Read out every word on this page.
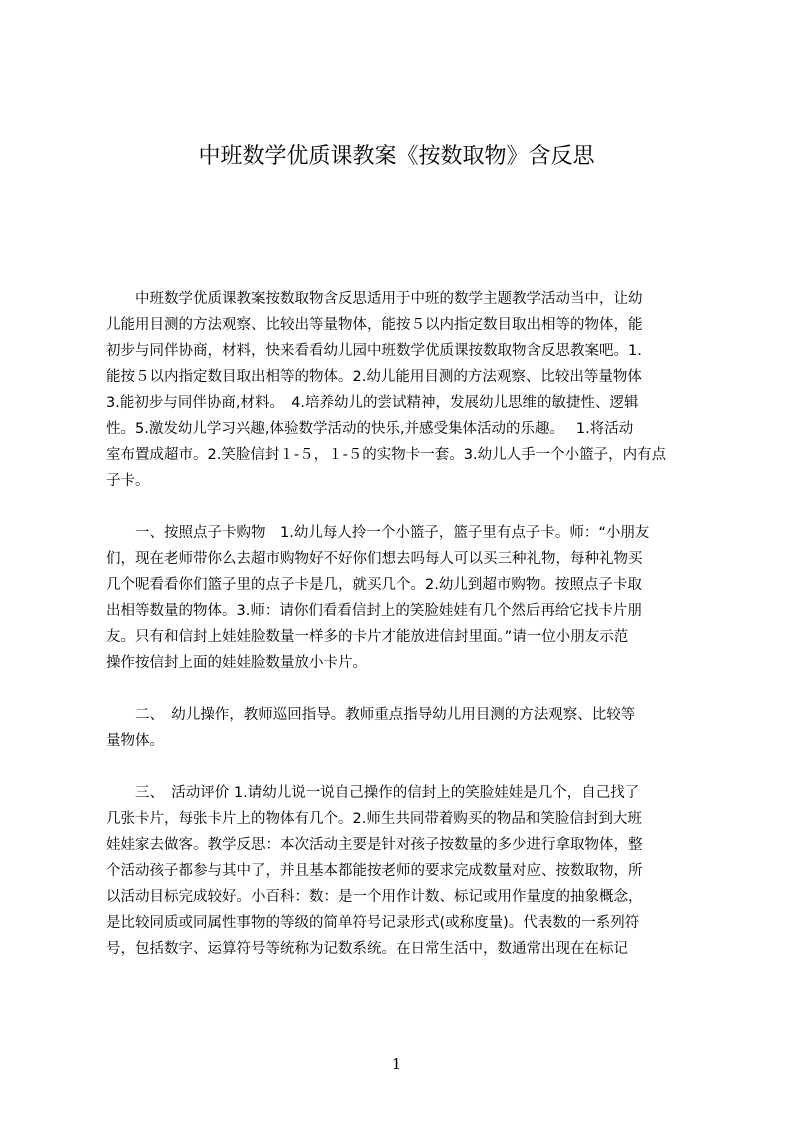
中班数学优质课教案《按数取物》含反思
　　中班数学优质课教案按数取物含反思适用于中班的数学主题教学活动当中，让幼
儿能用目测的方法观察、比较出等量物体，能按５以内指定数目取出相等的物体，能
初步与同伴协商，材料，快来看看幼儿园中班数学优质课按数取物含反思教案吧。1.
能按５以内指定数目取出相等的物体。2.幼儿能用目测的方法观察、比较出等量物体
3.能初步与同伴协商,材料。　4.培养幼儿的尝试精神，发展幼儿思维的敏捷性、逻辑
性。5.激发幼儿学习兴趣,体验数学活动的快乐,并感受集体活动的乐趣。　 1.将活动
室布置成超市。2.笑脸信封１-５，１-５的实物卡一套。3.幼儿人手一个小篮子，内有点
子卡。
　　一、按照点子卡购物　1.幼儿每人拎一个小篮子，篮子里有点子卡。师：“小朋友
们，现在老师带你么去超市购物好不好你们想去吗每人可以买三种礼物，每种礼物买
几个呢看看你们篮子里的点子卡是几，就买几个。2.幼儿到超市购物。按照点子卡取
出相等数量的物体。3.师：请你们看看信封上的笑脸娃娃有几个然后再给它找卡片朋
友。只有和信封上娃娃脸数量一样多的卡片才能放进信封里面。”请一位小朋友示范
操作按信封上面的娃娃脸数量放小卡片。
　　二、　幼儿操作，教师巡回指导。教师重点指导幼儿用目测的方法观察、比较等
量物体。
　　三、　活动评价 1.请幼儿说一说自己操作的信封上的笑脸娃娃是几个，自己找了
几张卡片，每张卡片上的物体有几个。2.师生共同带着购买的物品和笑脸信封到大班
娃娃家去做客。教学反思：本次活动主要是针对孩子按数量的多少进行拿取物体，整
个活动孩子都参与其中了，并且基本都能按老师的要求完成数量对应、按数取物，所
以活动目标完成较好。小百科：数：是一个用作计数、标记或用作量度的抽象概念，
是比较同质或同属性事物的等级的简单符号记录形式(或称度量)。代表数的一系列符
号，包括数字、运算符号等统称为记数系统。在日常生活中，数通常出现在在标记
1
